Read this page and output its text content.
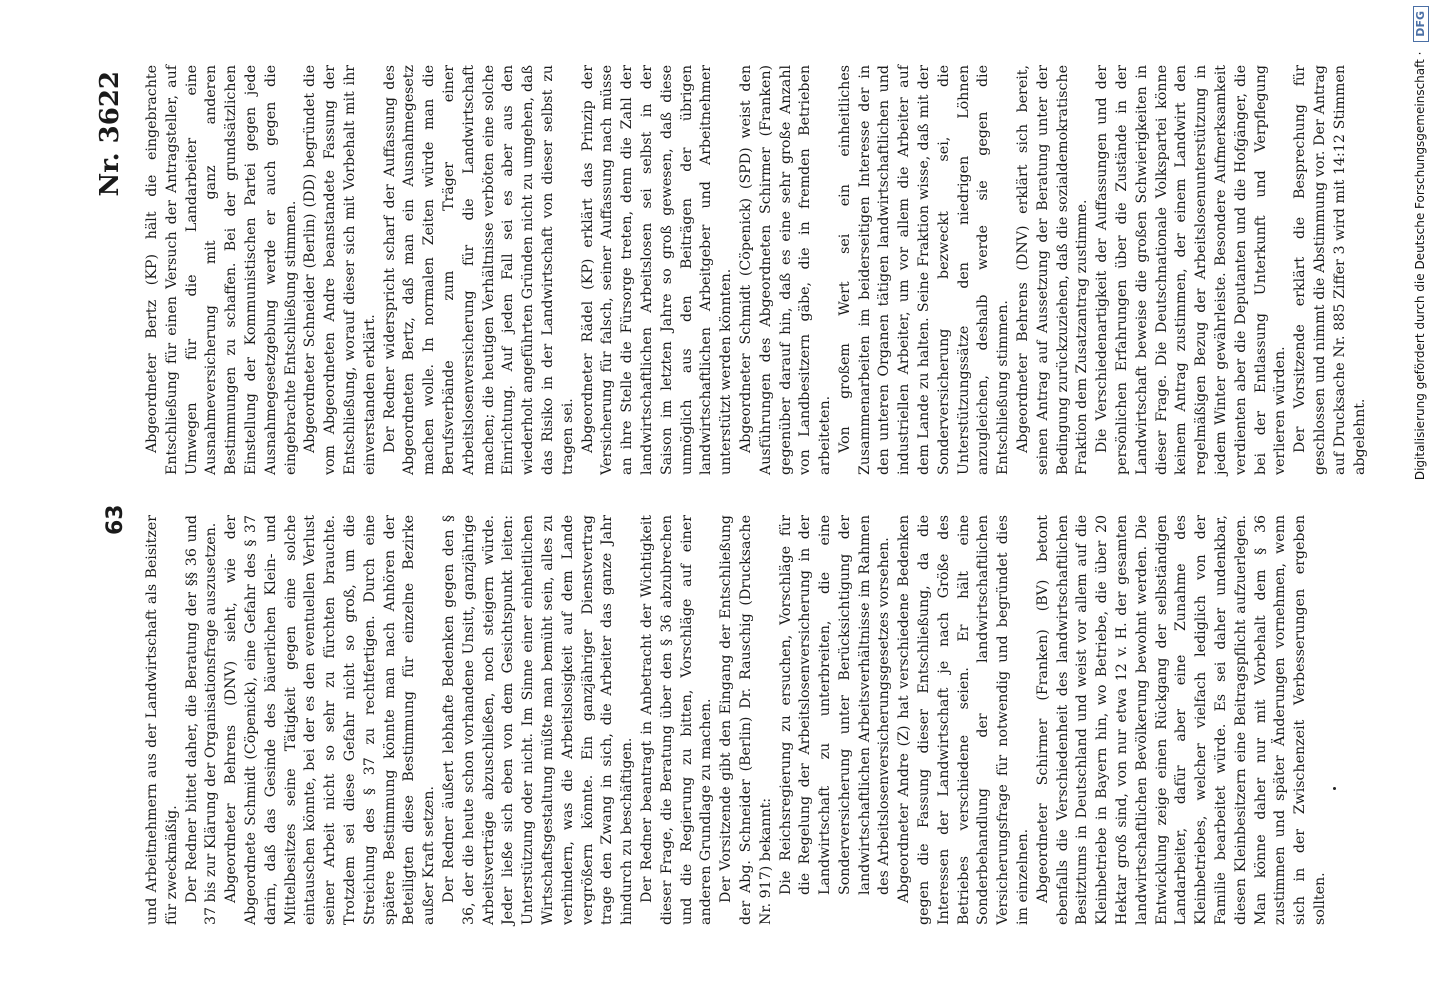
63
Nr. 3622

und Arbeitnehmern aus der Landwirtschaft als Beisitzer für zweckmäßig. Der Redner bittet daher, die Beratung der §§ 36 und 37 bis zur Klärung der Organisationsfrage auszusetzen. Abgeordneter Behrens (DNV) sieht, wie der Abgeordnete Schmidt (Cöpenick), eine Gefahr des § 37 darin, daß das Gesinde des bäuerlichen Klein- und Mittelbesitzes seine Tätigkeit gegen eine solche eintauschen könnte, bei der es den eventuellen Verlust seiner Arbeit nicht so sehr zu fürchten brauchte. Trotzdem sei diese Gefahr nicht so groß, um die Streichung des § 37 zu rechtfertigen. Durch eine spätere Bestimmung könnte man nach Anhören der Beteiligten diese Bestimmung für einzelne Bezirke außer Kraft setzen. Der Redner äußert lebhafte Bedenken gegen den § 36, der die heute schon vorhandene Unsitt, ganzjährige Arbeitsverträge abzuschließen, noch steigern würde. Jeder ließe sich eben von dem Gesichtspunkt leiten: Unterstützung oder nicht. Im Sinne einer einheitlichen Wirtschaftsgestaltung müßte man bemüht sein, alles zu verhindern, was die Arbeitslosigkeit auf dem Lande vergrößern könnte. Ein ganzjähriger Dienstvertrag trage den Zwang in sich, die Arbeiter das ganze Jahr hindurch zu beschäftigen. Der Redner beantragt in Anbetracht der Wichtigkeit dieser Frage, die Beratung über den § 36 abzubrechen und die Regierung zu bitten, Vorschläge auf einer anderen Grundlage zu machen. Der Vorsitzende gibt den Eingang der Entschließung der Abg. Schneider (Berlin) Dr. Rauschig (Drucksache Nr. 917) bekannt: Die Reichsregierung zu ersuchen, Vorschläge für die Regelung der Arbeitslosenversicherung in der Landwirtschaft zu unterbreiten, die eine Sonderversicherung unter Berücksichtigung der landwirtschaftlichen Arbeitsverhältnisse im Rahmen des Arbeitslosenversicherungsgesetzes vorsehen. Abgeordneter Andre (Z) hat verschiedene Bedenken gegen die Fassung dieser Entschließung, da die Interessen der Landwirtschaft je nach Größe des Betriebes verschiedene seien. Er hält eine Sonderbehandlung der landwirtschaftlichen Versicherungsfrage für notwendig und begründet dies im einzelnen. Abgeordneter Schirmer (Franken) (BV) betont ebenfalls die Verschiedenheit des landwirtschaftlichen Besitztums in Deutschland und weist vor allem auf die Kleinbetriebe in Bayern hin, wo Betriebe, die über 20 Hektar groß sind, von nur etwa 12 v. H. der gesamten landwirtschaftlichen Bevölkerung bewohnt werden. Die Entwicklung zeige einen Rückgang der selbständigen Landarbeiter, dafür aber eine Zunahme des Kleinbetriebes, welcher vielfach lediglich von der Familie bearbeitet würde. Es sei daher undenkbar, diesen Kleinbesitzern eine Beitragspflicht aufzuerlegen. Man könne daher nur mit Vorbehalt dem § 36 zustimmen und später Änderungen vornehmen, wenn sich in der Zwischenzeit Verbesserungen ergeben sollten.

Abgeordneter Bertz (KP) hält die eingebrachte Entschließung für einen Versuch der Antragsteller, auf Umwegen für die Landarbeiter eine Ausnahmeversicherung mit ganz anderen Bestimmungen zu schaffen. Bei der grundsätzlichen Einstellung der Kommunistischen Partei gegen jede Ausnahmegesetzgebung werde er auch gegen die eingebrachte Entschließung stimmen. Abgeordneter Schneider (Berlin) (DD) begründet die vom Abgeordneten Andre beanstandete Fassung der Entschließung, worauf dieser sich mit Vorbehalt mit ihr einverstanden erklärt. Der Redner widerspricht scharf der Auffassung des Abgeordneten Bertz, daß man ein Ausnahmegesetz machen wolle. In normalen Zeiten würde man die Berufsverbände zum Träger einer Arbeitslosenversicherung für die Landwirtschaft machen; die heutigen Verhältnisse verböten eine solche Einrichtung. Auf jeden Fall sei es aber aus den wiederholt angeführten Gründen nicht zu umgehen, daß das Risiko in der Landwirtschaft von dieser selbst zu tragen sei. Abgeordneter Rädel (KP) erklärt das Prinzip der Versicherung für falsch, seiner Auffassung nach müsse an ihre Stelle die Fürsorge treten, denn die Zahl der landwirtschaftlichen Arbeitslosen sei selbst in der Saison im letzten Jahre so groß gewesen, daß diese unmöglich aus den Beiträgen der übrigen landwirtschaftlichen Arbeitgeber und Arbeitnehmer unterstützt werden könnten. Abgeordneter Schmidt (Cöpenick) (SPD) weist den Ausführungen des Abgeordneten Schirmer (Franken) gegenüber darauf hin, daß es eine sehr große Anzahl von Landbesitzern gäbe, die in fremden Betrieben arbeiteten. Von großem Wert sei ein einheitliches Zusammenarbeiten im beiderseitigen Interesse der in den unteren Organen tätigen landwirtschaftlichen und industriellen Arbeiter, um vor allem die Arbeiter auf dem Lande zu halten. Seine Fraktion wisse, daß mit der Sonderversicherung bezweckt sei, die Unterstützungssätze den niedrigen Löhnen anzugleichen, deshalb werde sie gegen die Entschließung stimmen. Abgeordneter Behrens (DNV) erklärt sich bereit, seinen Antrag auf Aussetzung der Beratung unter der Bedingung zurückzuziehen, daß die sozialdemokratische Fraktion dem Zusatzantrag zustimme. Die Verschiedenartigkeit der Auffassungen und der persönlichen Erfahrungen über die Zustände in der Landwirtschaft beweise die großen Schwierigkeiten in dieser Frage. Die Deutschnationale Volkspartei könne keinem Antrag zustimmen, der einem Landwirt den regelmäßigen Bezug der Arbeitslosenunterstützung in jedem Winter gewährleiste. Besondere Aufmerksamkeit verdienten aber die Deputanten und die Hofgänger, die bei der Entlassung Unterkunft und Verpflegung verlieren würden. Der Vorsitzende erklärt die Besprechung für geschlossen und nimmt die Abstimmung vor. Der Antrag auf Drucksache Nr. 885 Ziffer 3 wird mit 14:12 Stimmen abgelehnt.	Digitalisierung gefördert durch die Deutsche Forschungsgemeinschaft · DFG
